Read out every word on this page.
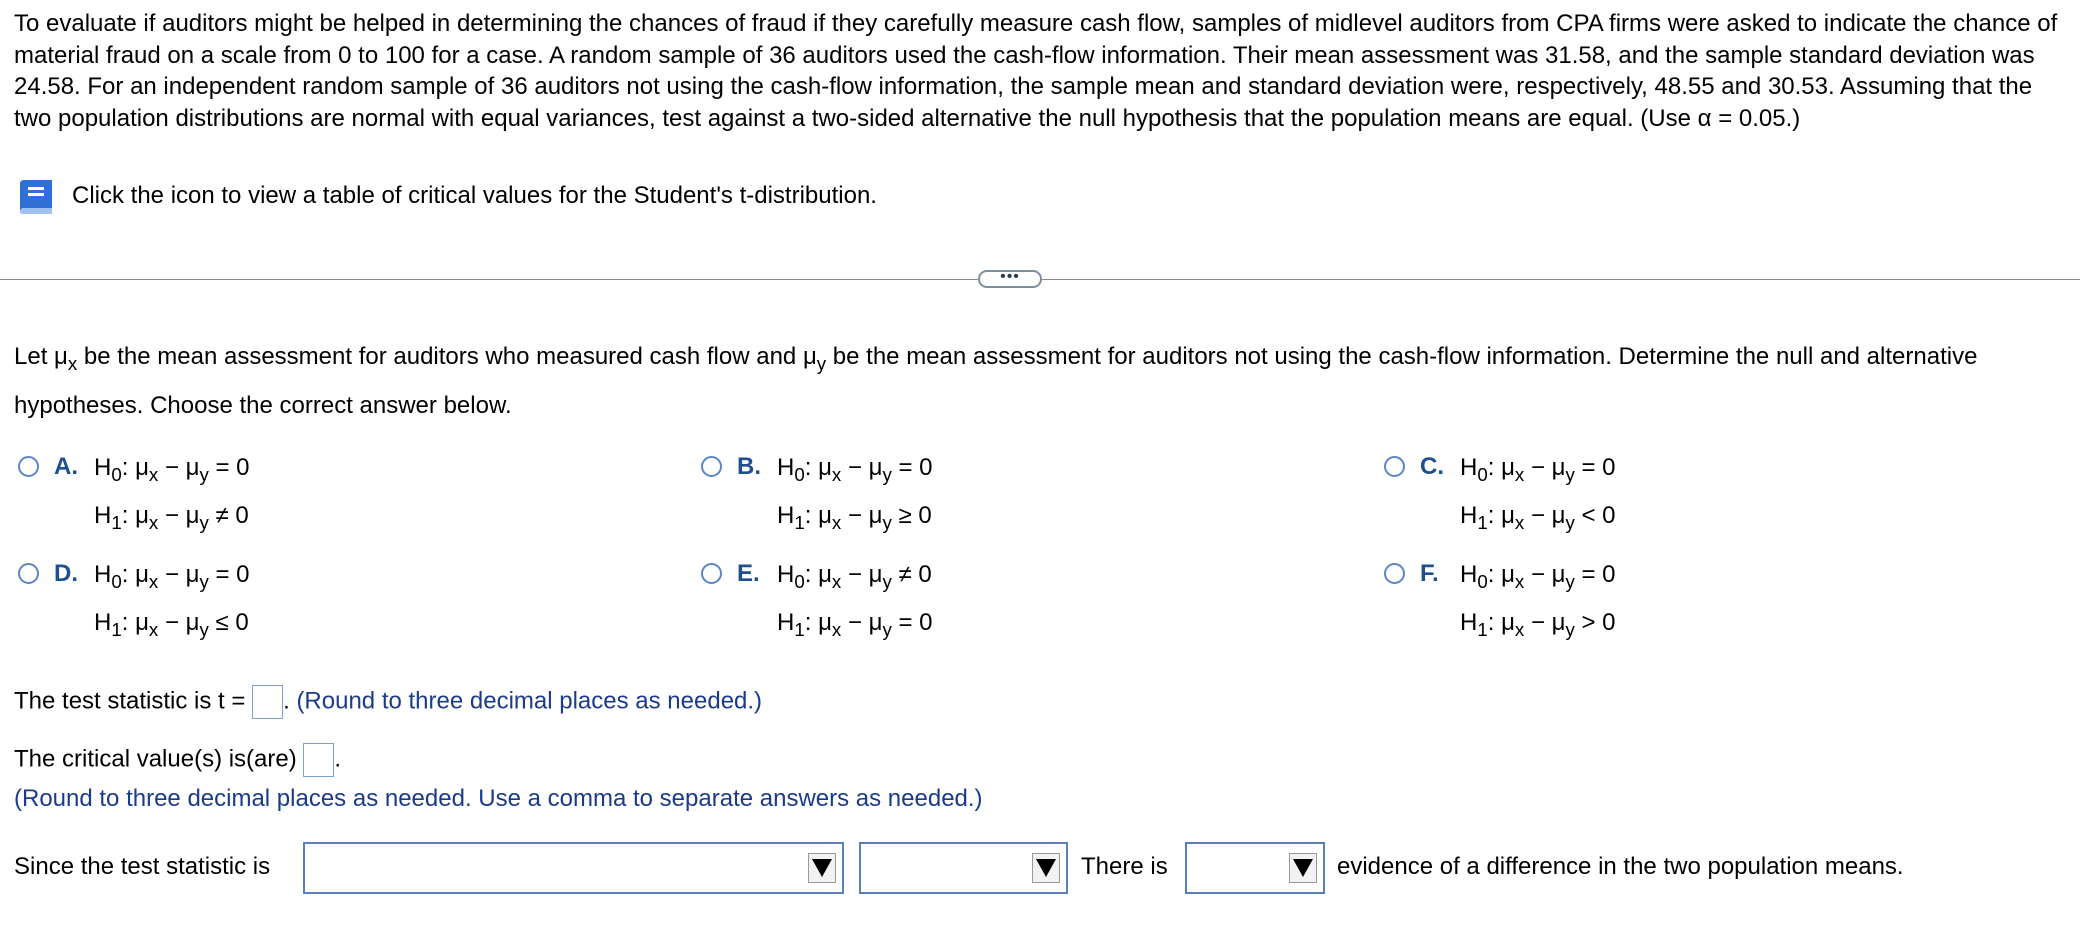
To evaluate if auditors might be helped in determining the chances of fraud if they carefully measure cash flow, samples of midlevel auditors from CPA firms were asked to indicate the chance of material fraud on a scale from 0 to 100 for a case. A random sample of 36 auditors used the cash-flow information. Their mean assessment was 31.58, and the sample standard deviation was 24.58. For an independent random sample of 36 auditors not using the cash-flow information, the sample mean and standard deviation were, respectively, 48.55 and 30.53. Assuming that the two population distributions are normal with equal variances, test against a two-sided alternative the null hypothesis that the population means are equal. (Use α = 0.05.)
Click the icon to view a table of critical values for the Student's t-distribution.
•••
Let $\mu_x$ be the mean assessment for auditors who measured cash flow and $\mu_y$ be the mean assessment for auditors not using the cash-flow information. Determine the null and alternative hypotheses. Choose the correct answer below.
A. $H_0$: $\mu_x - \mu_y = 0$
$H_1$: $\mu_x - \mu_y \ne 0$
B. $H_0$: $\mu_x - \mu_y = 0$
$H_1$: $\mu_x - \mu_y \ge 0$
C. $H_0$: $\mu_x - \mu_y = 0$
$H_1$: $\mu_x - \mu_y < 0$
D. $H_0$: $\mu_x - \mu_y = 0$
$H_1$: $\mu_x - \mu_y \le 0$
E. $H_0$: $\mu_x - \mu_y \ne 0$
$H_1$: $\mu_x - \mu_y = 0$
F. $H_0$: $\mu_x - \mu_y = 0$
$H_1$: $\mu_x - \mu_y > 0$
The test statistic is t = . (Round to three decimal places as needed.)
The critical value(s) is(are) .
(Round to three decimal places as needed. Use a comma to separate answers as needed.)
Since the test statistic is	There is	evidence of a difference in the two population means.
